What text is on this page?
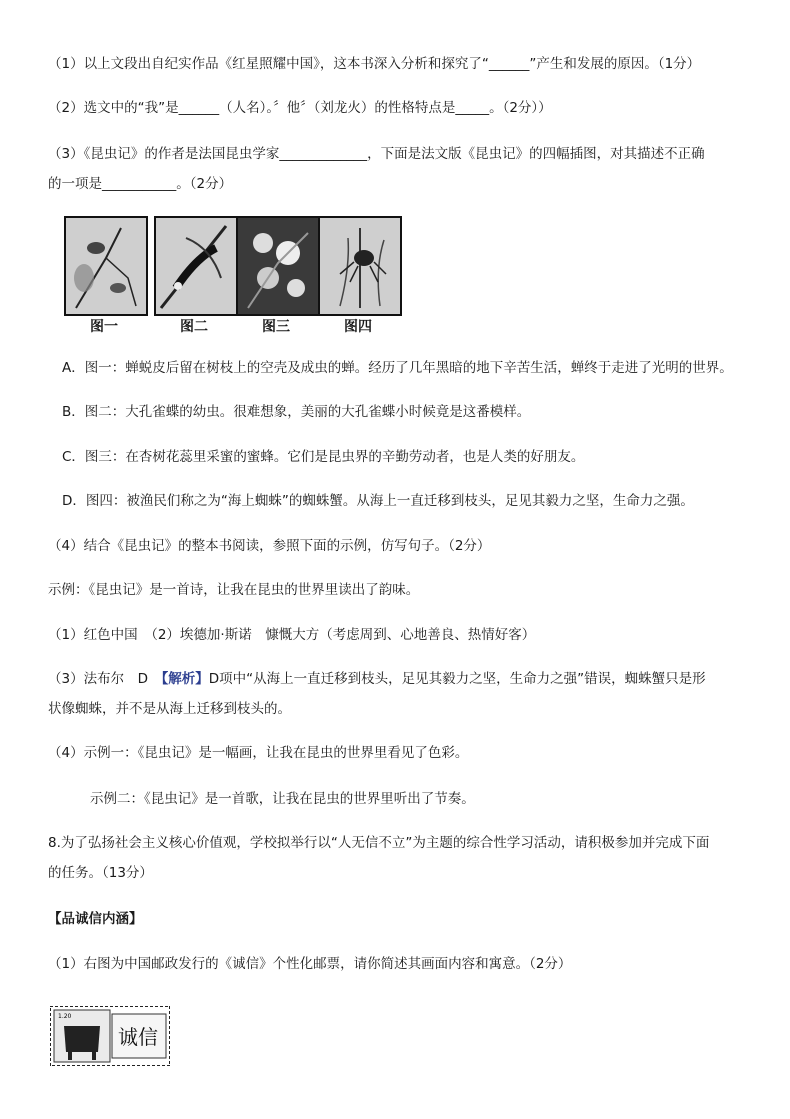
（1）以上文段出自纪实作品《红星照耀中国》，这本书深入分析和探究了“______”产生和发展的原因。（1分）
（2）选文中的“我”是______（人名）。〞他〞（刘龙火）的性格特点是_____。（2分））
（3）《昆虫记》的作者是法国昆虫学家_____________，下面是法文版《昆虫记》的四幅插图，对其描述不正确
的一项是___________。（2分）
图一	图二	图三	图四
A．图一：蝉蜕皮后留在树枝上的空壳及成虫的蝉。经历了几年黑暗的地下辛苦生活，蝉终于走进了光明的世界。
B．图二：大孔雀蝶的幼虫。很难想象，美丽的大孔雀蝶小时候竟是这番模样。
C．图三：在杏树花蕊里采蜜的蜜蜂。它们是昆虫界的辛勤劳动者，也是人类的好朋友。
D．图四：被渔民们称之为“海上蜘蛛”的蜘蛛蟹。从海上一直迁移到枝头，足见其毅力之坚，生命力之强。
（4）结合《昆虫记》的整本书阅读，参照下面的示例，仿写句子。（2分）
示例：《昆虫记》是一首诗，让我在昆虫的世界里读出了韵味。
（1）红色中国　（2）埃德加·斯诺　慷慨大方（考虑周到、心地善良、热情好客）
（3）法布尔　D　【解析】D项中“从海上一直迁移到枝头，足见其毅力之坚，生命力之强”错误，蜘蛛蟹只是形
状像蜘蛛，并不是从海上迁移到枝头的。
（4）示例一：《昆虫记》是一幅画，让我在昆虫的世界里看见了色彩。
示例二：《昆虫记》是一首歌，让我在昆虫的世界里听出了节奏。
8.为了弘扬社会主义核心价值观，学校拟举行以“人无信不立”为主题的综合性学习活动，请积极参加并完成下面
的任务。（13分）
【品诚信内涵】
（1）右图为中国邮政发行的《诚信》个性化邮票，请你简述其画面内容和寓意。（2分）
1.20
诚信
